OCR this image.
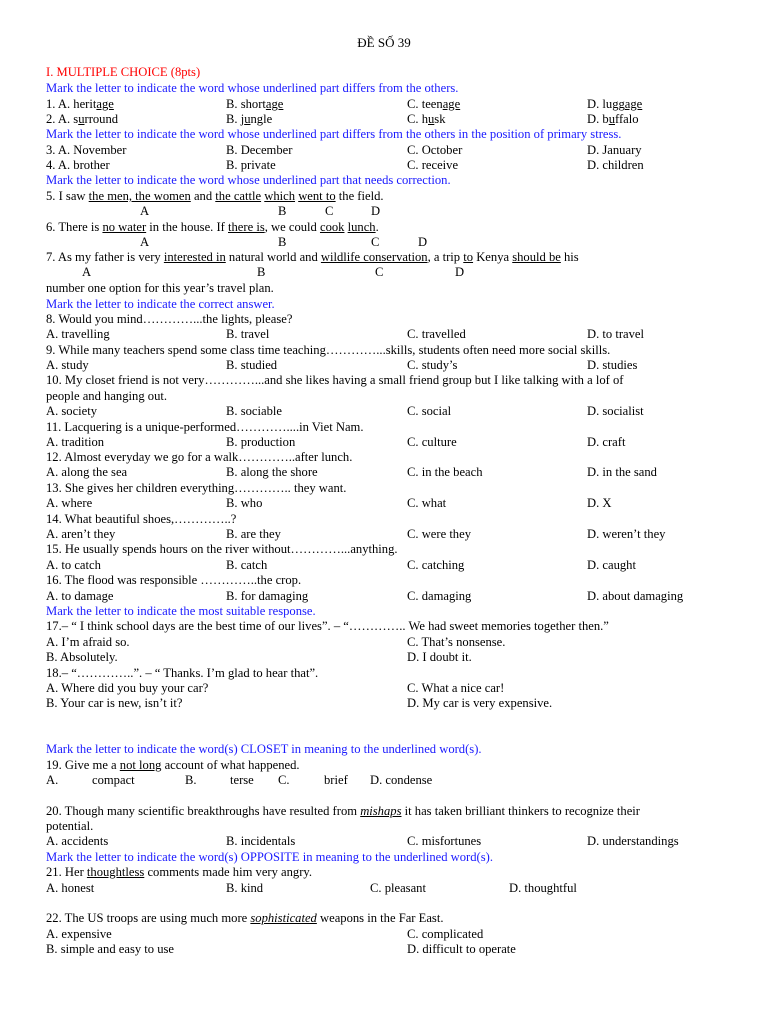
ĐỀ SỐ 39
I. MULTIPLE CHOICE (8pts)
Mark the letter to indicate the word whose underlined part differs from the others.
1. A. heritage	B. shortage	C. teenage	D. luggage
2. A. surround	B. jungle	C. husk	D. buffalo
Mark the letter to indicate the word whose underlined part differs from the others in the position of primary stress.
3. A. November	B. December	C. October	D. January
4. A. brother	B. private	C. receive	D. children
Mark the letter to indicate the word whose underlined part that needs correction.
5. I saw the men, the women and the cattle which went to the field.
A	B	C	D
6. There is no water in the house. If there is, we could cook lunch.
A	B	C	D
7. As my father is very interested in natural world and wildlife conservation, a trip to Kenya should be his
A	B	C	D
number one option for this year’s travel plan.
Mark the letter to indicate the correct answer.
8. Would you mind…………...the lights, please?
A. travelling	B. travel	C. travelled	D. to travel
9. While many teachers spend some class time teaching…………...skills, students often need more social skills.
A. study	B. studied	C. study’s	D. studies
10. My closet friend is not very…………...and she likes having a small friend group but I like talking with a lof of
people and hanging out.
A. society	B. sociable	C. social	D. socialist
11. Lacquering is a unique-performed…………....in Viet Nam.
A. tradition	B. production	C. culture	D. craft
12. Almost everyday we go for a walk…………..after lunch.
A. along the sea	B. along the shore	C. in the beach	D. in the sand
13. She gives her children everything………….. they want.
A. where	B. who	C. what	D. X
14. What beautiful shoes,…………..?
A. aren’t they	B. are they	C. were they	D. weren’t they
15. He usually spends hours on the river without…………...anything.
A. to catch	B. catch	C. catching	D. caught
16. The flood was responsible …………..the crop.
A. to damage	B. for damaging	C. damaging	D. about damaging
Mark the letter to indicate the most suitable response.
17.– “ I think school days are the best time of our lives”. – “………….. We had sweet memories together then.”
A. I’m afraid so.	C. That’s nonsense.
B. Absolutely.	D. I doubt it.
18.– “…………..”. – “ Thanks. I’m glad to hear that”.
A. Where did you buy your car?	C. What a nice car!
B. Your car is new, isn’t it?	D. My car is very expensive.
Mark the letter to indicate the word(s) CLOSET in meaning to the underlined word(s).
19. Give me a not long account of what happened.
A.	compact	B.	terse C.	brief D. condense
20. Though many scientific breakthroughs have resulted from mishaps it has taken brilliant thinkers to recognize their
potential.
A. accidents	B. incidentals	C. misfortunes	D. understandings
Mark the letter to indicate the word(s) OPPOSITE in meaning to the underlined word(s).
21. Her thoughtless comments made him very angry.
A. honest	B. kind	C. pleasant	D. thoughtful
22. The US troops are using much more sophisticated weapons in the Far East.
A. expensive	C. complicated
B. simple and easy to use	D. difficult to operate
